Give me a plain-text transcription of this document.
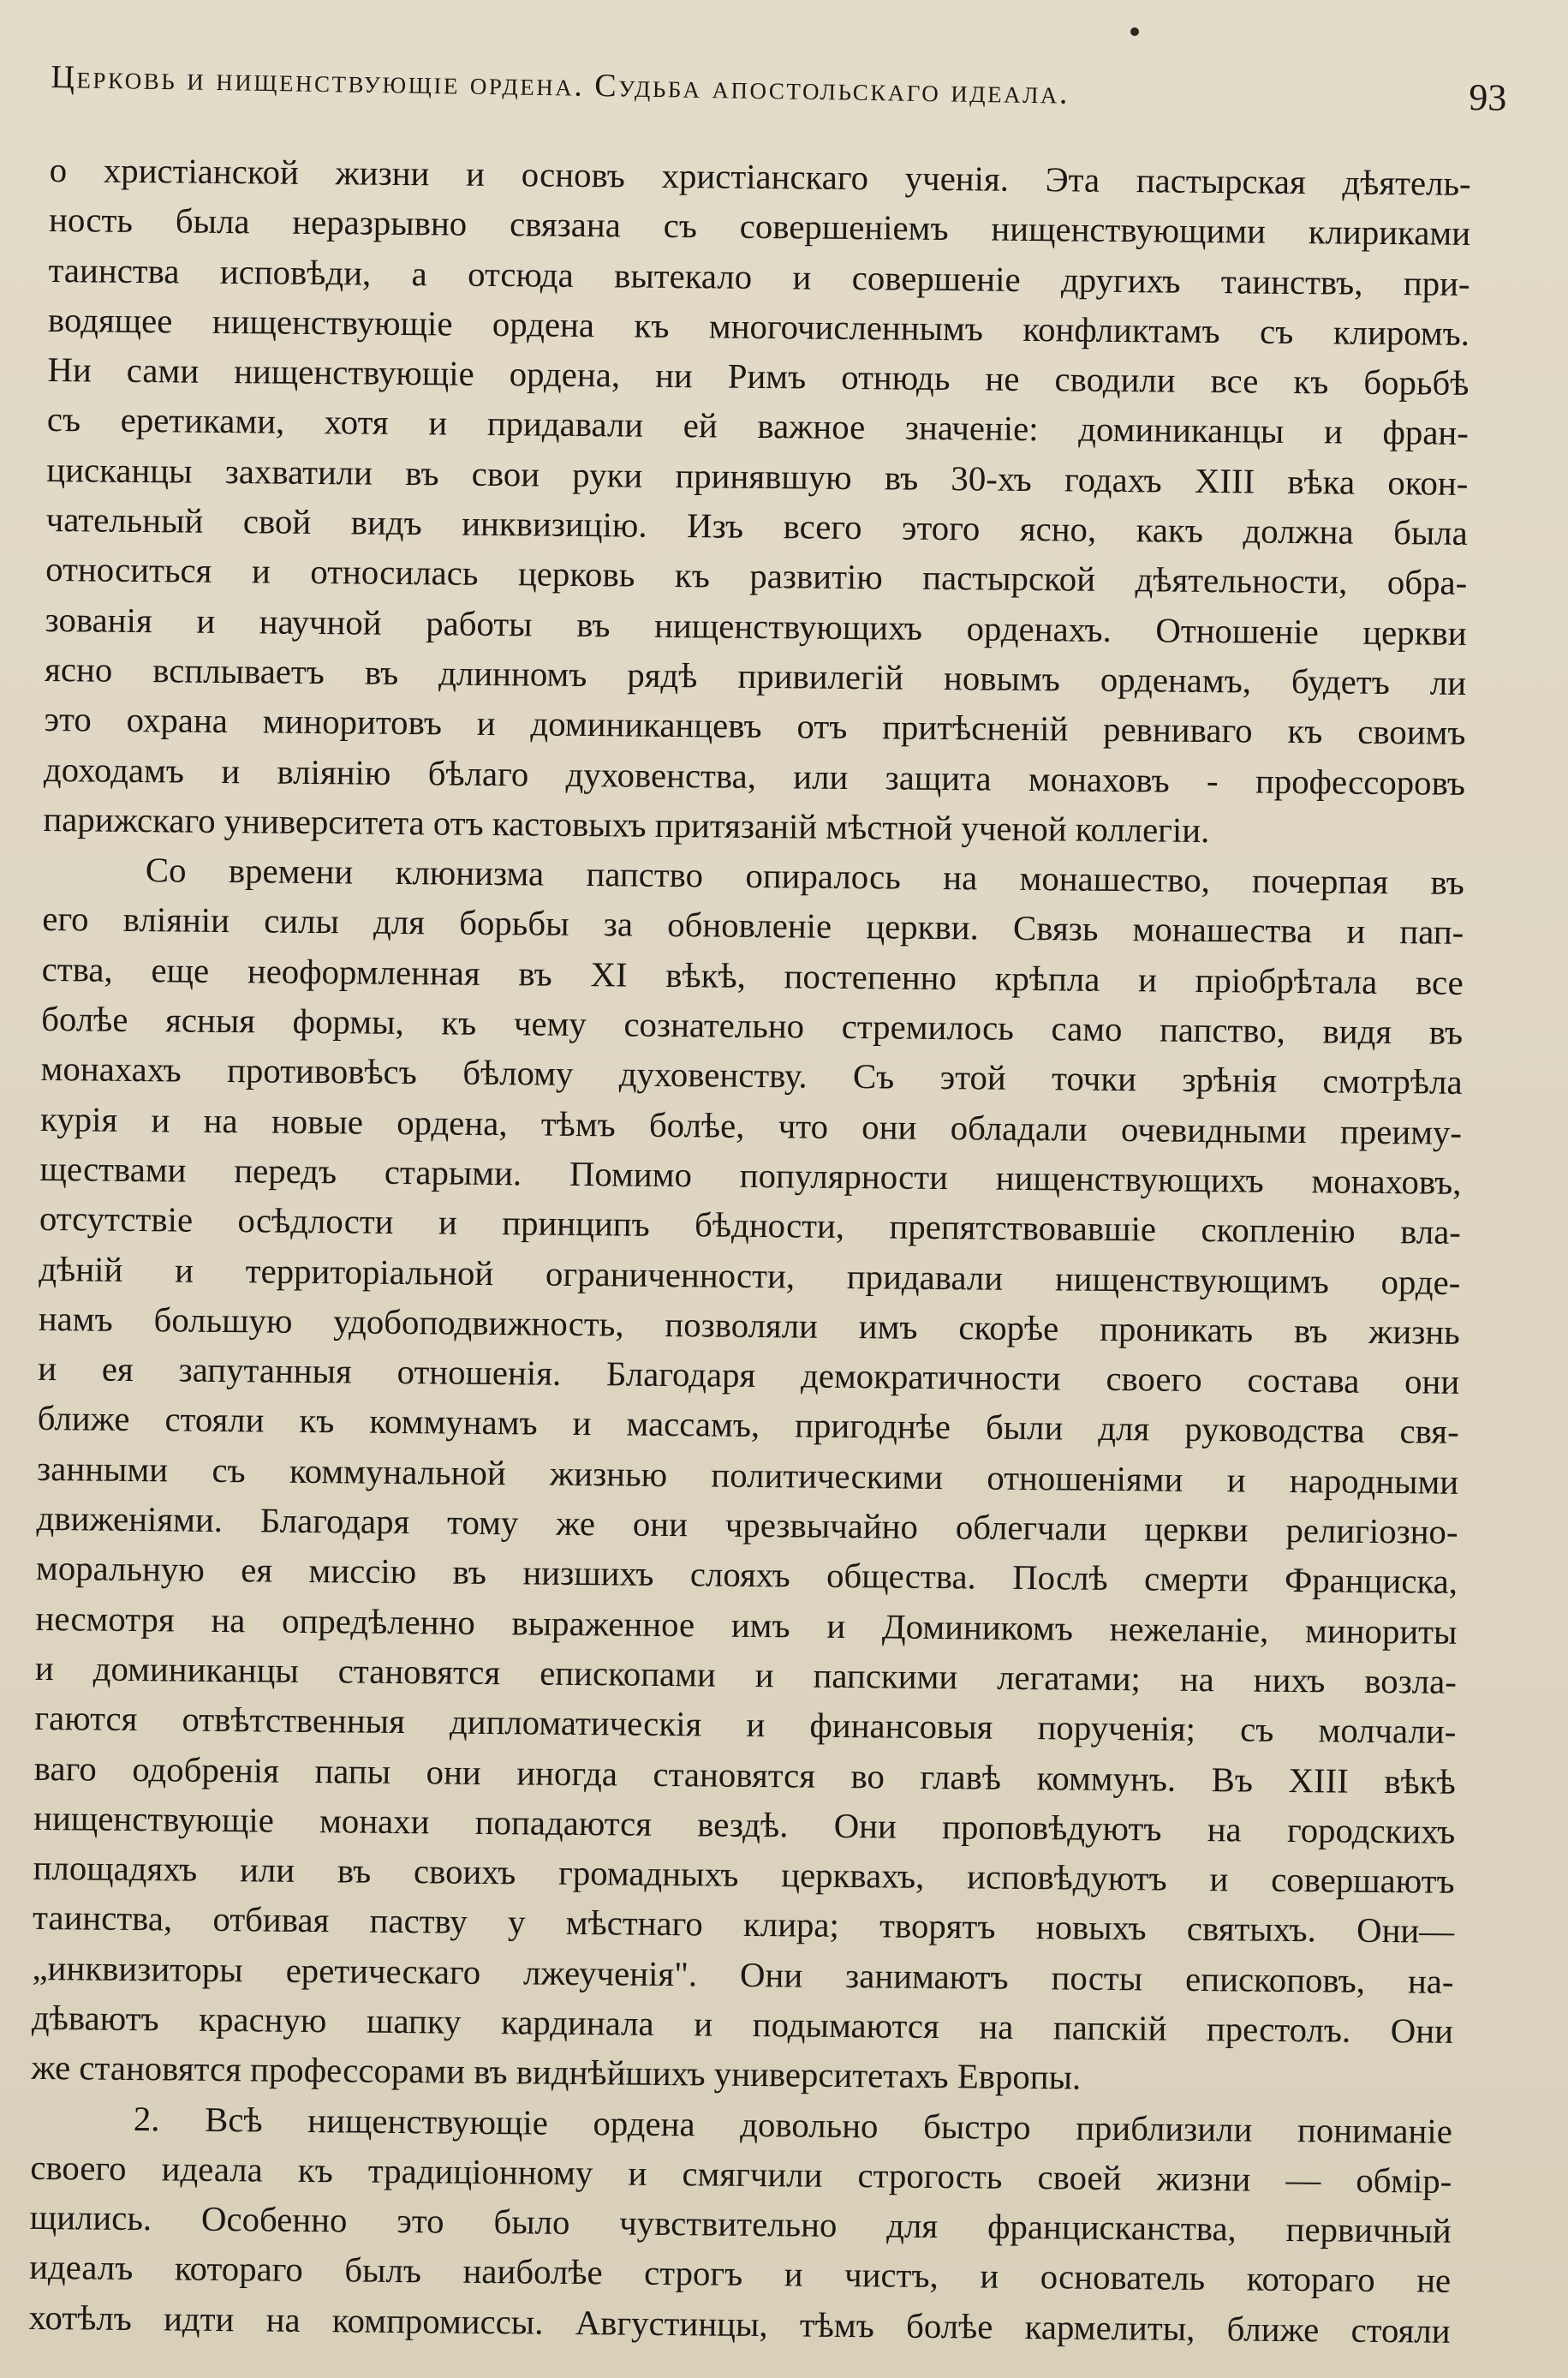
Церковь и нищенствующіе ордена. Судьба апостольскаго идеала.	93
о христіанской жизни и основъ христіанскаго ученія. Эта пастырская дѣятель-
ность была неразрывно связана съ совершеніемъ нищенствующими клириками
таинства исповѣди, а отсюда вытекало и совершеніе другихъ таинствъ, при-
водящее нищенствующіе ордена къ многочисленнымъ конфликтамъ съ клиромъ.
Ни сами нищенствующіе ордена, ни Римъ отнюдь не сводили все къ борьбѣ
съ еретиками, хотя и придавали ей важное значеніе: доминиканцы и фран-
цисканцы захватили въ свои руки принявшую въ 30-хъ годахъ XIII вѣка окон-
чательный свой видъ инквизицію. Изъ всего этого ясно, какъ должна была
относиться и относилась церковь къ развитію пастырской дѣятельности, обра-
зованія и научной работы въ нищенствующихъ орденахъ. Отношеніе церкви
ясно всплываетъ въ длинномъ рядѣ привилегій новымъ орденамъ, будетъ ли
это охрана миноритовъ и доминиканцевъ отъ притѣсненій ревниваго къ своимъ
доходамъ и вліянію бѣлаго духовенства, или защита монаховъ - профессоровъ
парижскаго университета отъ кастовыхъ притязаній мѣстной ученой коллегіи.
Со времени клюнизма папство опиралось на монашество, почерпая въ
его вліяніи силы для борьбы за обновленіе церкви. Связь монашества и пап-
ства, еще неоформленная въ XI вѣкѣ, постепенно крѣпла и пріобрѣтала все
болѣе ясныя формы, къ чему сознательно стремилось само папство, видя въ
монахахъ противовѣсъ бѣлому духовенству. Съ этой точки зрѣнія смотрѣла
курія и на новые ордена, тѣмъ болѣе, что они обладали очевидными преиму-
ществами передъ старыми. Помимо популярности нищенствующихъ монаховъ,
отсутствіе осѣдлости и принципъ бѣдности, препятствовавшіе скопленію вла-
дѣній и территоріальной ограниченности, придавали нищенствующимъ орде-
намъ большую удобоподвижность, позволяли имъ скорѣе проникать въ жизнь
и ея запутанныя отношенія. Благодаря демократичности своего состава они
ближе стояли къ коммунамъ и массамъ, пригоднѣе были для руководства свя-
занными съ коммунальной жизнью политическими отношеніями и народными
движеніями. Благодаря тому же они чрезвычайно облегчали церкви религіозно-
моральную ея миссію въ низшихъ слояхъ общества. Послѣ смерти Франциска,
несмотря на опредѣленно выраженное имъ и Доминикомъ нежеланіе, минориты
и доминиканцы становятся епископами и папскими легатами; на нихъ возла-
гаются отвѣтственныя дипломатическія и финансовыя порученія; съ молчали-
ваго одобренія папы они иногда становятся во главѣ коммунъ. Въ XIII вѣкѣ
нищенствующіе монахи попадаются вездѣ. Они проповѣдуютъ на городскихъ
площадяхъ или въ своихъ громадныхъ церквахъ, исповѣдуютъ и совершаютъ
таинства, отбивая паству у мѣстнаго клира; творятъ новыхъ святыхъ. Они—
„инквизиторы еретическаго лжеученія". Они занимаютъ посты епископовъ, на-
дѣваютъ красную шапку кардинала и подымаются на папскій престолъ. Они
же становятся профессорами въ виднѣйшихъ университетахъ Европы.
2. Всѣ нищенствующіе ордена довольно быстро приблизили пониманіе
своего идеала къ традиціонному и смягчили строгость своей жизни — обмір-
щились. Особенно это было чувствительно для францисканства, первичный
идеалъ котораго былъ наиболѣе строгъ и чистъ, и основатель котораго не
хотѣлъ идти на компромиссы. Августинцы, тѣмъ болѣе кармелиты, ближе стояли
